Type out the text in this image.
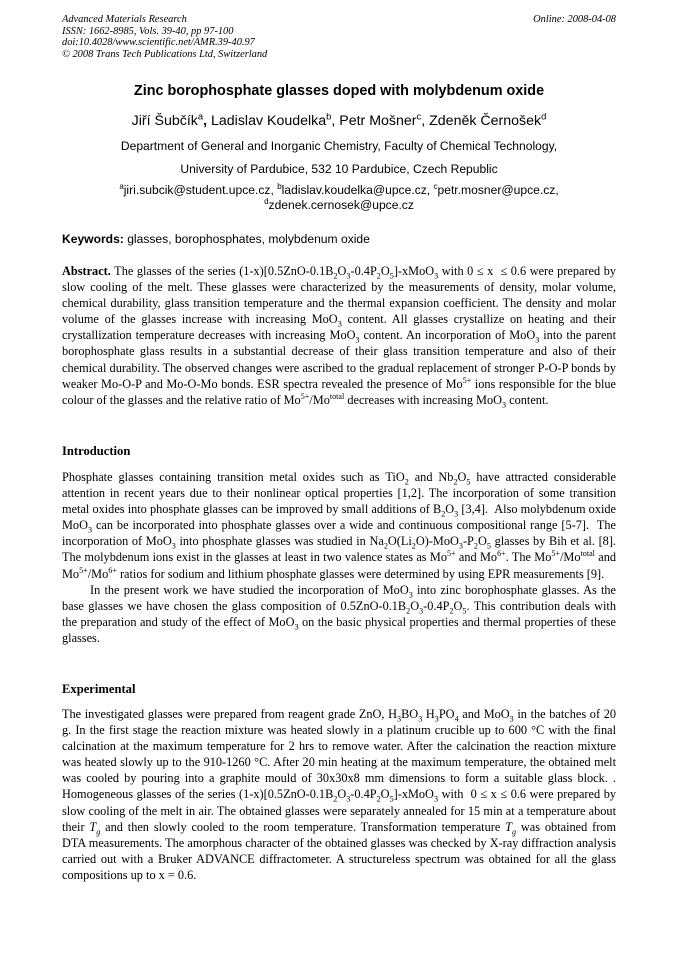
Advanced Materials Research
ISSN: 1662-8985, Vols. 39-40, pp 97-100
doi:10.4028/www.scientific.net/AMR.39-40.97
© 2008 Trans Tech Publications Ltd, Switzerland
Online: 2008-04-08
Zinc borophosphate glasses doped with molybdenum oxide
Jiří Šubčík$^a$, Ladislav Koudelka$^b$, Petr Mošner$^c$, Zdeněk Černošek$^d$
Department of General and Inorganic Chemistry, Faculty of Chemical Technology,
University of Pardubice, 532 10 Pardubice, Czech Republic
$^a$jiri.subcik@student.upce.cz, $^b$ladislav.koudelka@upce.cz, $^c$petr.mosner@upce.cz,
$^d$zdenek.cernosek@upce.cz
Keywords: glasses, borophosphates, molybdenum oxide

Abstract. The glasses of the series $(1-x)[0.5ZnO-0.1B_2O_3-0.4P_2O_5]-xMoO_3$ with 0 ≤ x  ≤ 0.6 were prepared by slow cooling of the melt. These glasses were characterized by the measurements of density, molar volume, chemical durability, glass transition temperature and the thermal expansion coefficient. The density and molar volume of the glasses increase with increasing MoO$_3$ content. All glasses crystallize on heating and their crystallization temperature decreases with increasing MoO$_3$ content. An incorporation of MoO$_3$ into the parent borophosphate glass results in a substantial decrease of their glass transition temperature and also of their chemical durability. The observed changes were ascribed to the gradual replacement of stronger P-O-P bonds by weaker Mo-O-P and Mo-O-Mo bonds. ESR spectra revealed the presence of $Mo^{5+}$ ions responsible for the blue colour of the glasses and the relative ratio of $Mo^{5+}/Mo^{total}$ decreases with increasing MoO$_3$ content.

Introduction

Phosphate glasses containing transition metal oxides such as TiO$_2$ and $Nb_2O_5$ have attracted considerable attention in recent years due to their nonlinear optical properties [1,2]. The incorporation of some transition metal oxides into phosphate glasses can be improved by small additions of $B_2O_3$ [3,4].  Also molybdenum oxide MoO$_3$ can be incorporated into phosphate glasses over a wide and continuous compositional range [5-7].  The incorporation of MoO$_3$ into phosphate glasses was studied in $Na_2O(Li_2O)-MoO_3-P_2O_5$ glasses by Bih et al. [8]. The molybdenum ions exist in the glasses at least in two valence states as $Mo^{5+}$ and $Mo^{6+}$. The $Mo^{5+}/Mo^{total}$ and $Mo^{5+}/Mo^{6+}$ ratios for sodium and lithium phosphate glasses were determined by using EPR measurements [9].

In the present work we have studied the incorporation of MoO$_3$ into zinc borophosphate glasses. As the base glasses we have chosen the glass composition of $0.5ZnO-0.1B_2O_3-0.4P_2O_5$. This contribution deals with the preparation and study of the effect of MoO$_3$ on the basic physical properties and thermal properties of these glasses.

Experimental

The investigated glasses were prepared from reagent grade ZnO, $H_3BO_3$ $H_3PO_4$ and MoO$_3$ in the batches of 20 g. In the first stage the reaction mixture was heated slowly in a platinum crucible up to 600 °C with the final calcination at the maximum temperature for 2 hrs to remove water. After the calcination the reaction mixture was heated slowly up to the 910-1260 °C. After 20 min heating at the maximum temperature, the obtained melt was cooled by pouring into a graphite mould of 30x30x8 mm dimensions to form a suitable glass block. . Homogeneous glasses of the series $(1-x)[0.5ZnO-0.1B_2O_3-0.4P_2O_5]-xMoO_3$ with  0 ≤ x ≤ 0.6 were prepared by slow cooling of the melt in air. The obtained glasses were separately annealed for 15 min at a temperature about their $T_g$ and then slowly cooled to the room temperature. Transformation temperature $T_g$ was obtained from DTA measurements. The amorphous character of the obtained glasses was checked by X-ray diffraction analysis carried out with a Bruker ADVANCE diffractometer. A structureless spectrum was obtained for all the glass compositions up to x = 0.6.
